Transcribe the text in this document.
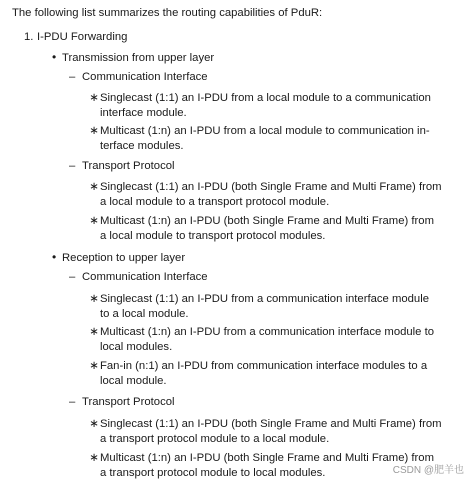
The following list summarizes the routing capabilities of PduR:
1. I-PDU Forwarding
• Transmission from upper layer
– Communication Interface
∗ Singlecast (1:1) an I-PDU from a local module to a communication
interface module.
∗ Multicast (1:n) an I-PDU from a local module to communication in-
terface modules.
– Transport Protocol
∗ Singlecast (1:1) an I-PDU (both Single Frame and Multi Frame) from
a local module to a transport protocol module.
∗ Multicast (1:n) an I-PDU (both Single Frame and Multi Frame) from
a local module to transport protocol modules.
• Reception to upper layer
– Communication Interface
∗ Singlecast (1:1) an I-PDU from a communication interface module
to a local module.
∗ Multicast (1:n) an I-PDU from a communication interface module to
local modules.
∗ Fan-in (n:1) an I-PDU from communication interface modules to a
local module.
– Transport Protocol
∗ Singlecast (1:1) an I-PDU (both Single Frame and Multi Frame) from
a transport protocol module to a local module.
∗ Multicast (1:n) an I-PDU (both Single Frame and Multi Frame) from
a transport protocol module to local modules.	CSDN @肥羊也
